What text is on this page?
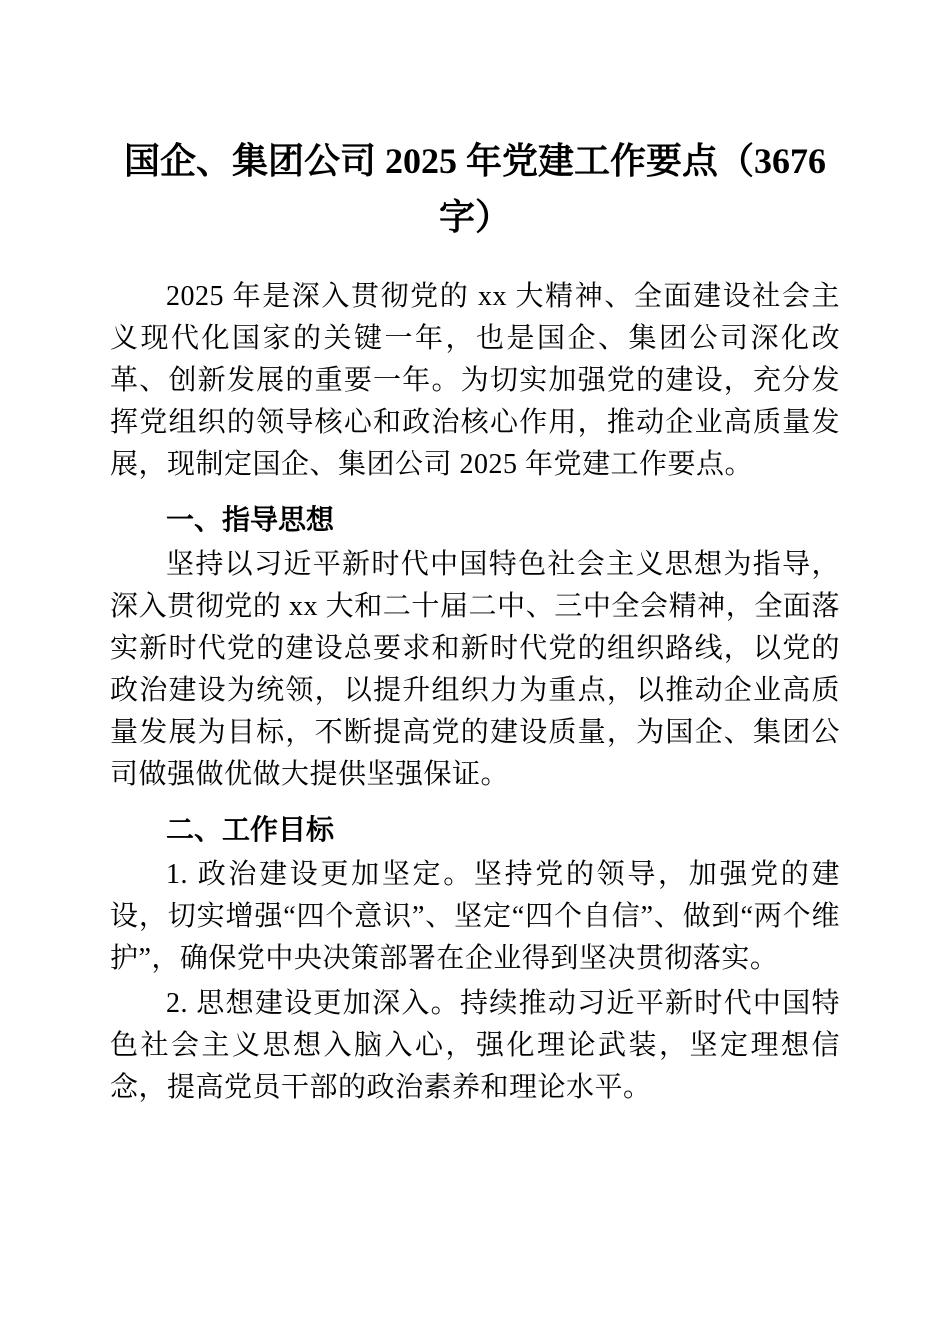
国企、集团公司 2025 年党建工作要点（3676
字）

2025 年是深入贯彻党的 xx 大精神、全面建设社会主义现代化国家的关键一年，也是国企、集团公司深化改革、创新发展的重要一年。为切实加强党的建设，充分发挥党组织的领导核心和政治核心作用，推动企业高质量发展，现制定国企、集团公司 2025 年党建工作要点。

一、指导思想

坚持以习近平新时代中国特色社会主义思想为指导，深入贯彻党的 xx 大和二十届二中、三中全会精神，全面落实新时代党的建设总要求和新时代党的组织路线，以党的政治建设为统领，以提升组织力为重点，以推动企业高质量发展为目标，不断提高党的建设质量，为国企、集团公司做强做优做大提供坚强保证。

二、工作目标

1. 政治建设更加坚定。坚持党的领导，加强党的建设，切实增强“四个意识”、坚定“四个自信”、做到“两个维护”，确保党中央决策部署在企业得到坚决贯彻落实。

2. 思想建设更加深入。持续推动习近平新时代中国特色社会主义思想入脑入心，强化理论武装，坚定理想信念，提高党员干部的政治素养和理论水平。
